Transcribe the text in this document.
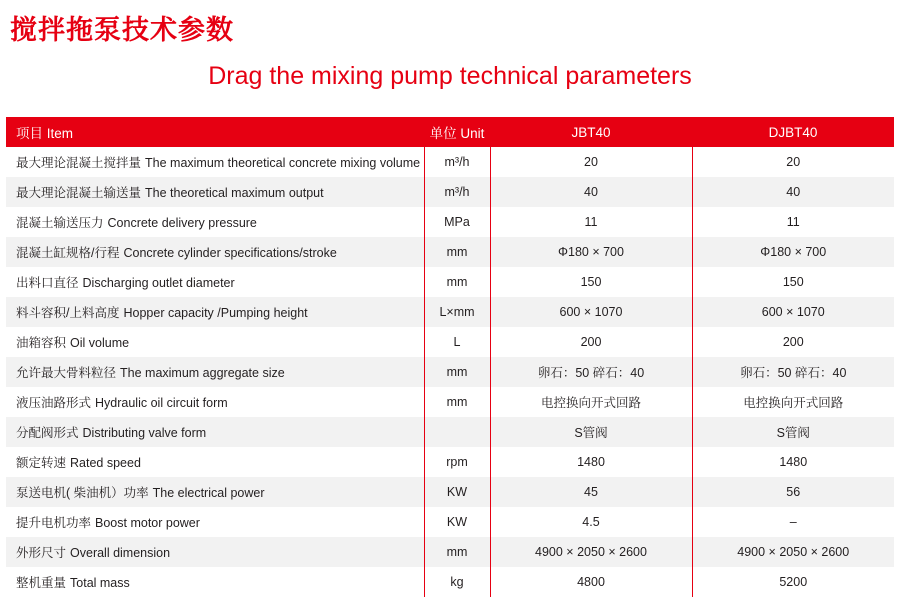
搅拌拖泵技术参数
Drag the mixing pump technical parameters
项目 Item	单位 Unit	JBT40	DJBT40
最大理论混凝土搅拌量 The maximum theoretical concrete mixing volume	m³/h	20	20
最大理论混凝土输送量 The theoretical maximum output	m³/h	40	40
混凝土输送压力 Concrete delivery pressure	MPa	11	11
混凝土缸规格/行程 Concrete cylinder specifications/stroke	mm	Φ180 × 700	Φ180 × 700
出料口直径 Discharging outlet diameter	mm	150	150
料斗容积/上料高度 Hopper capacity /Pumping height	L×mm	600 × 1070	600 × 1070
油箱容积 Oil volume	L	200	200
允许最大骨料粒径 The maximum aggregate size	mm	卵石：50 碎石：40	卵石：50 碎石：40
液压油路形式 Hydraulic oil circuit form	mm	电控换向开式回路	电控换向开式回路
分配阀形式 Distributing valve form		S管阀	S管阀
额定转速 Rated speed	rpm	1480	1480
泵送电机( 柴油机）功率 The electrical power	KW	45	56
提升电机功率 Boost motor power	KW	4.5	–
外形尺寸 Overall dimension	mm	4900 × 2050 × 2600	4900 × 2050 × 2600
整机重量 Total mass	kg	4800	5200
